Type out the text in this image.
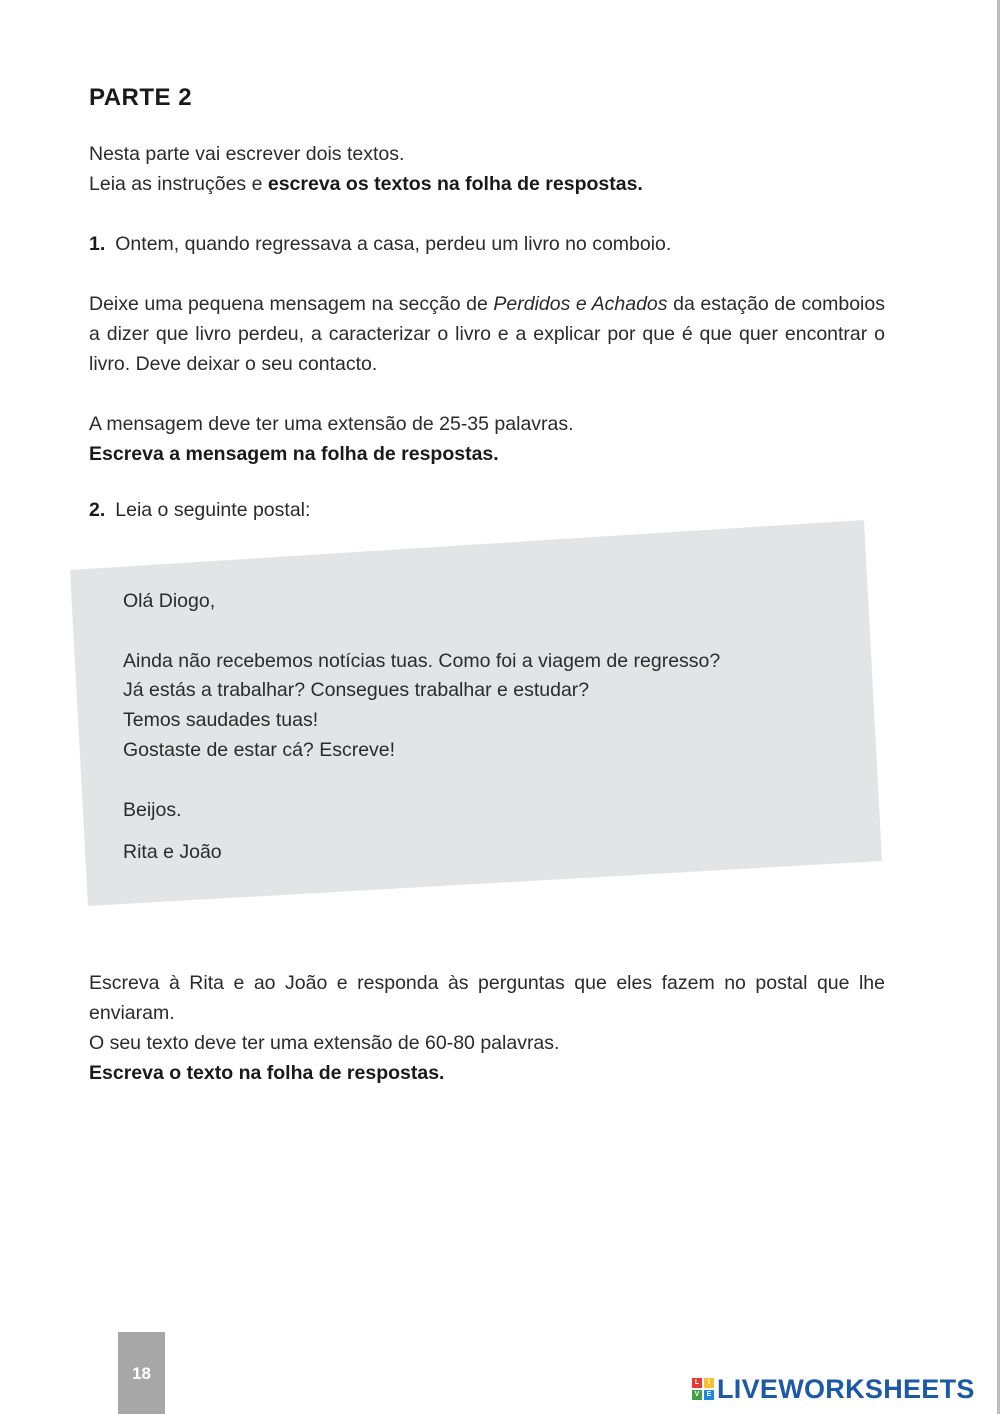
PARTE 2
Nesta parte vai escrever dois textos.
Leia as instruções e escreva os textos na folha de respostas.
1. Ontem, quando regressava a casa, perdeu um livro no comboio.
Deixe uma pequena mensagem na secção de Perdidos e Achados da estação de comboios a dizer que livro perdeu, a caracterizar o livro e a explicar por que é que quer encontrar o livro. Deve deixar o seu contacto.
A mensagem deve ter uma extensão de 25-35 palavras.
Escreva a mensagem na folha de respostas.
2. Leia o seguinte postal:
Olá Diogo,
Ainda não recebemos notícias tuas. Como foi a viagem de regresso?
Já estás a trabalhar? Consegues trabalhar e estudar?
Temos saudades tuas!
Gostaste de estar cá? Escreve!
Beijos.
Rita e João
Escreva à Rita e ao João e responda às perguntas que eles fazem no postal que lhe enviaram.
O seu texto deve ter uma extensão de 60-80 palavras.
Escreva o texto na folha de respostas.
18	L	I
V	E LIVEWORKSHEETS
